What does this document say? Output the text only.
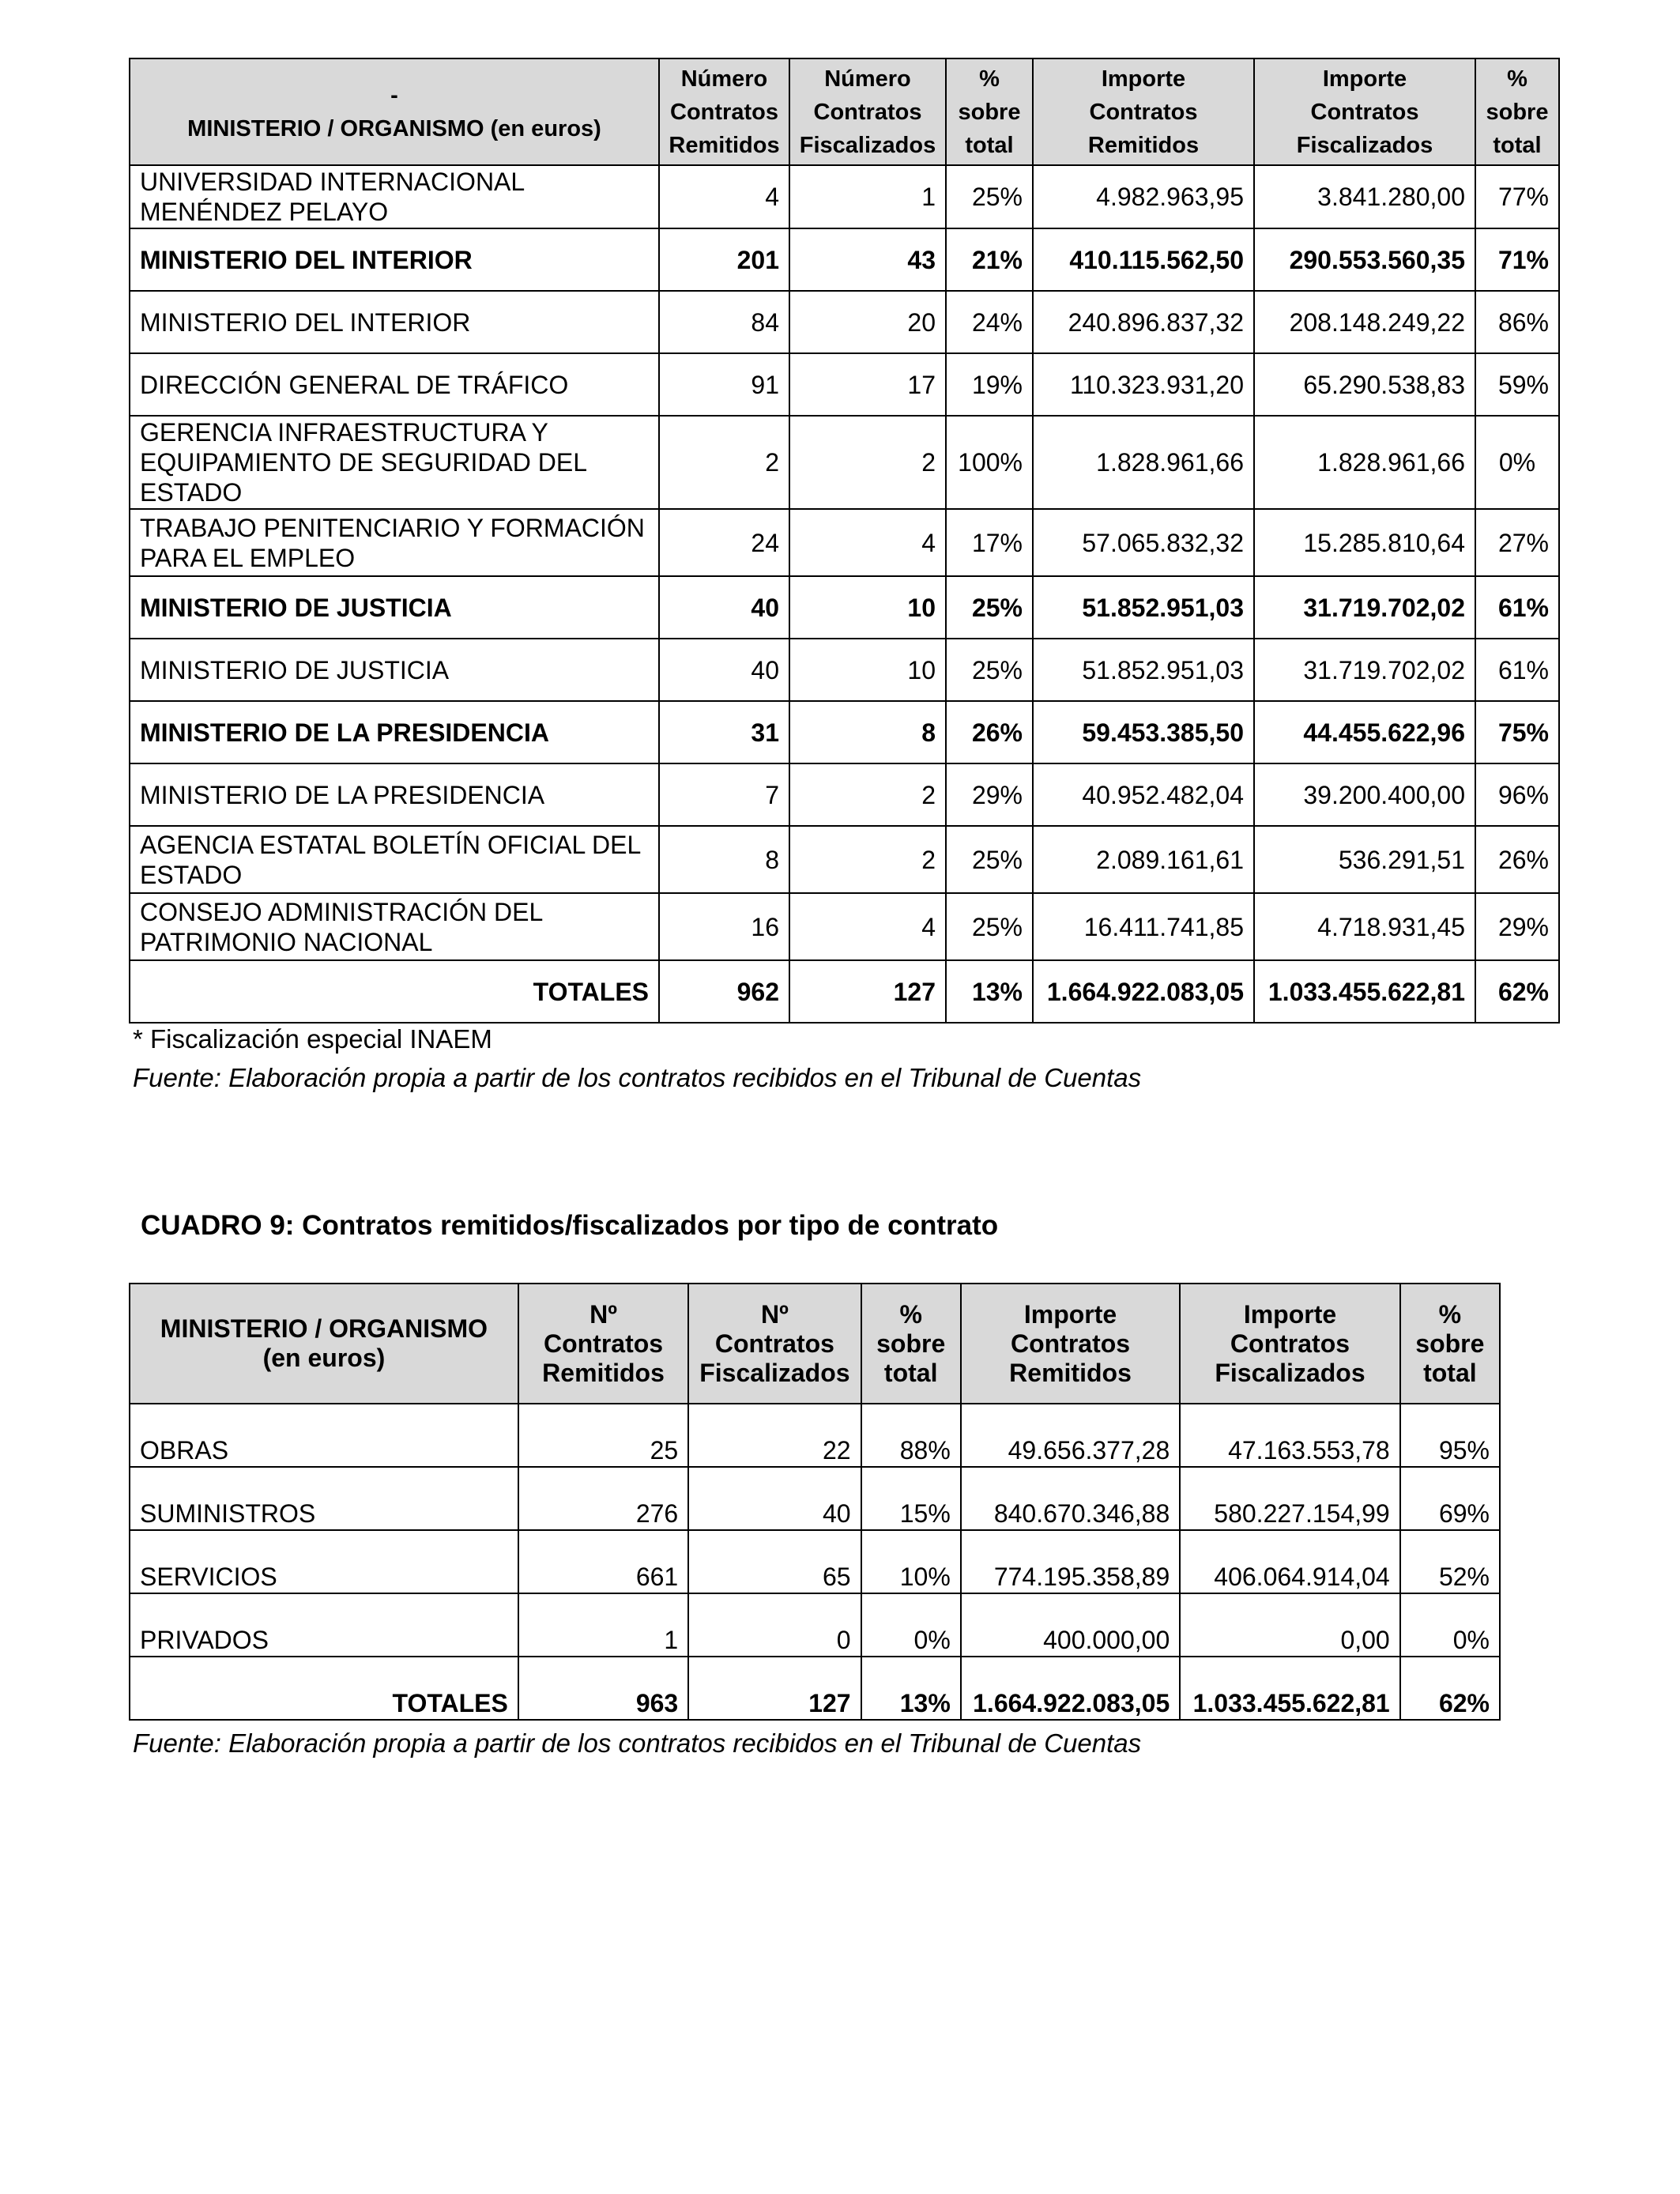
-
MINISTERIO / ORGANISMO (en euros)	Número
Contratos
Remitidos	Número
Contratos
Fiscalizados	%
sobre
total	Importe
Contratos
Remitidos	Importe
Contratos
Fiscalizados	%
sobre
total
UNIVERSIDAD INTERNACIONAL MENÉNDEZ PELAYO	4	1	25%	4.982.963,95	3.841.280,00	77%
MINISTERIO DEL INTERIOR	201	43	21%	410.115.562,50	290.553.560,35	71%
MINISTERIO DEL INTERIOR	84	20	24%	240.896.837,32	208.148.249,22	86%
DIRECCIÓN GENERAL DE TRÁFICO	91	17	19%	110.323.931,20	65.290.538,83	59%
GERENCIA INFRAESTRUCTURA Y EQUIPAMIENTO DE SEGURIDAD DEL ESTADO	2	2	100%	1.828.961,66	1.828.961,66	0%
TRABAJO PENITENCIARIO Y FORMACIÓN PARA EL EMPLEO	24	4	17%	57.065.832,32	15.285.810,64	27%
MINISTERIO DE JUSTICIA	40	10	25%	51.852.951,03	31.719.702,02	61%
MINISTERIO DE JUSTICIA	40	10	25%	51.852.951,03	31.719.702,02	61%
MINISTERIO DE LA PRESIDENCIA	31	8	26%	59.453.385,50	44.455.622,96	75%
MINISTERIO DE LA PRESIDENCIA	7	2	29%	40.952.482,04	39.200.400,00	96%
AGENCIA ESTATAL BOLETÍN OFICIAL DEL ESTADO	8	2	25%	2.089.161,61	536.291,51	26%
CONSEJO ADMINISTRACIÓN DEL PATRIMONIO NACIONAL	16	4	25%	16.411.741,85	4.718.931,45	29%
TOTALES	962	127	13%	1.664.922.083,05	1.033.455.622,81	62%
* Fiscalización especial INAEM
Fuente: Elaboración propia a partir de los contratos recibidos en el Tribunal de Cuentas
CUADRO 9: Contratos remitidos/fiscalizados por tipo de contrato
MINISTERIO / ORGANISMO
(en euros)	Nº
Contratos
Remitidos	Nº
Contratos
Fiscalizados	%
sobre
total	Importe
Contratos
Remitidos	Importe
Contratos
Fiscalizados	%
sobre
total
OBRAS	25	22	88%	49.656.377,28	47.163.553,78	95%
SUMINISTROS	276	40	15%	840.670.346,88	580.227.154,99	69%
SERVICIOS	661	65	10%	774.195.358,89	406.064.914,04	52%
PRIVADOS	1	0	0%	400.000,00	0,00	0%
TOTALES	963	127	13%	1.664.922.083,05	1.033.455.622,81	62%
Fuente: Elaboración propia a partir de los contratos recibidos en el Tribunal de Cuentas
